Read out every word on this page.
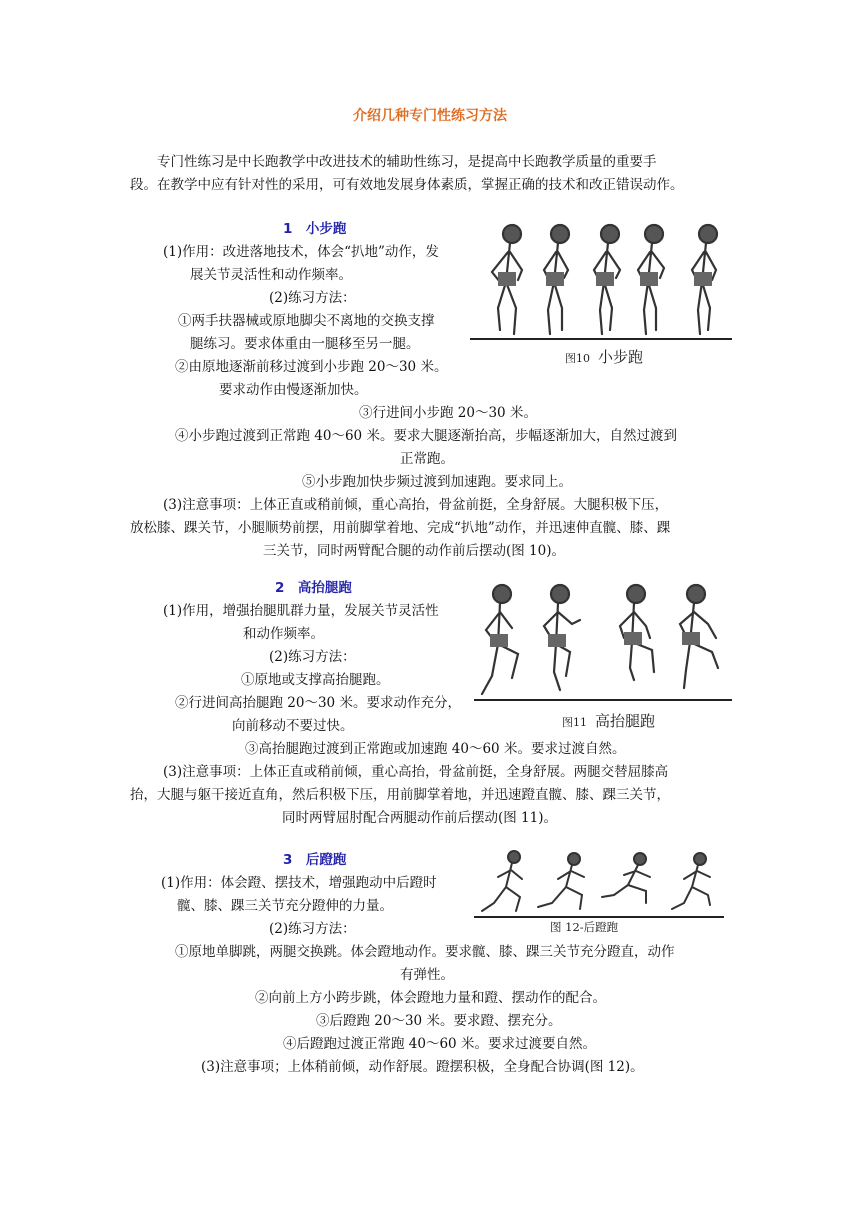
介绍几种专门性练习方法
专门性练习是中长跑教学中改进技术的辅助性练习，是提高中长跑教学质量的重要手
段。在教学中应有针对性的采用，可有效地发展身体素质，掌握正确的技术和改正错误动作。
1　小步跑
(1)作用：改进落地技术，体会“扒地”动作，发
展关节灵活性和动作频率。
(2)练习方法：
①两手扶器械或原地脚尖不离地的交换支撑
腿练习。要求体重由一腿移至另一腿。
②由原地逐渐前移过渡到小步跑 20～30 米。
要求动作由慢逐渐加快。
③行进间小步跑 20～30 米。
④小步跑过渡到正常跑 40～60 米。要求大腿逐渐抬高，步幅逐渐加大，自然过渡到
正常跑。
⑤小步跑加快步频过渡到加速跑。要求同上。
(3)注意事项：上体正直或稍前倾，重心高抬，骨盆前挺，全身舒展。大腿积极下压，
放松膝、踝关节，小腿顺势前摆，用前脚掌着地、完成“扒地”动作，并迅速伸直髋、膝、踝
三关节，同时两臂配合腿的动作前后摆动(图 10)。
图10 小步跑
2　高抬腿跑
(1)作用，增强抬腿肌群力量，发展关节灵活性
和动作频率。
(2)练习方法：
①原地或支撑高抬腿跑。
②行进间高抬腿跑 20～30 米。要求动作充分，
向前移动不要过快。
③高抬腿跑过渡到正常跑或加速跑 40～60 米。要求过渡自然。
(3)注意事项：上体正直或稍前倾，重心高抬，骨盆前挺，全身舒展。两腿交替屈膝高
抬，大腿与躯干接近直角，然后积极下压，用前脚掌着地，并迅速蹬直髋、膝、踝三关节，
同时两臂屈肘配合两腿动作前后摆动(图 11)。
图11 高抬腿跑
3　后蹬跑
(1)作用：体会蹬、摆技术，增强跑动中后蹬时
髋、膝、踝三关节充分蹬伸的力量。
(2)练习方法：
①原地单脚跳，两腿交换跳。体会蹬地动作。要求髋、膝、踝三关节充分蹬直，动作
有弹性。
②向前上方小跨步跳，体会蹬地力量和蹬、摆动作的配合。
③后蹬跑 20～30 米。要求蹬、摆充分。
④后蹬跑过渡正常跑 40～60 米。要求过渡要自然。
(3)注意事项；上体稍前倾，动作舒展。蹬摆积极，全身配合协调(图 12)。
图 12-后蹬跑
